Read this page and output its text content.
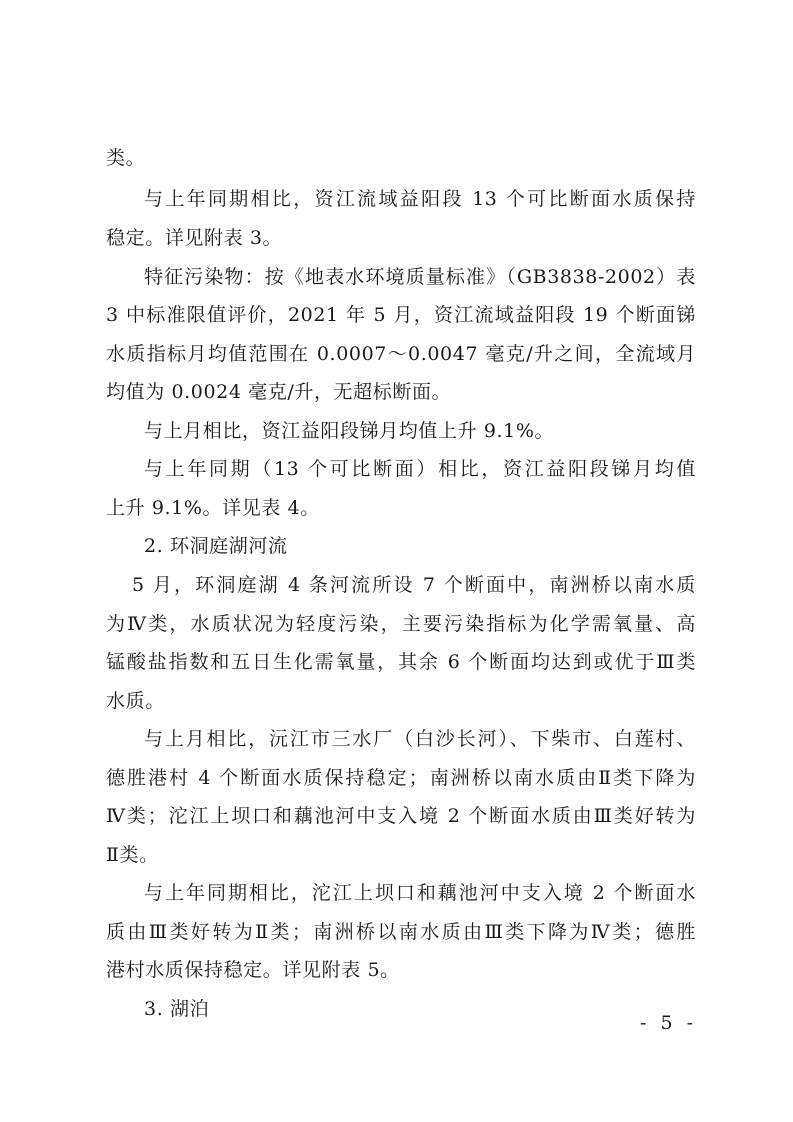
类。
与上年同期相比，资江流域益阳段 13 个可比断面水质保持
稳定。详见附表 3。
特征污染物：按《地表水环境质量标准》（GB3838-2002）表
3 中标准限值评价，2021 年 5 月，资江流域益阳段 19 个断面锑
水质指标月均值范围在 0.0007～0.0047 毫克/升之间，全流域月
均值为 0.0024 毫克/升，无超标断面。
与上月相比，资江益阳段锑月均值上升 9.1%。
与上年同期（13 个可比断面）相比，资江益阳段锑月均值
上升 9.1%。详见表 4。
2. 环洞庭湖河流
5 月，环洞庭湖 4 条河流所设 7 个断面中，南洲桥以南水质
为Ⅳ类，水质状况为轻度污染，主要污染指标为化学需氧量、高
锰酸盐指数和五日生化需氧量，其余 6 个断面均达到或优于Ⅲ类
水质。
与上月相比，沅江市三水厂（白沙长河）、下柴市、白莲村、
德胜港村 4 个断面水质保持稳定；南洲桥以南水质由Ⅱ类下降为
Ⅳ类；沱江上坝口和藕池河中支入境 2 个断面水质由Ⅲ类好转为
Ⅱ类。
与上年同期相比，沱江上坝口和藕池河中支入境 2 个断面水
质由Ⅲ类好转为Ⅱ类；南洲桥以南水质由Ⅲ类下降为Ⅳ类；德胜
港村水质保持稳定。详见附表 5。
3. 湖泊
- 5 -
